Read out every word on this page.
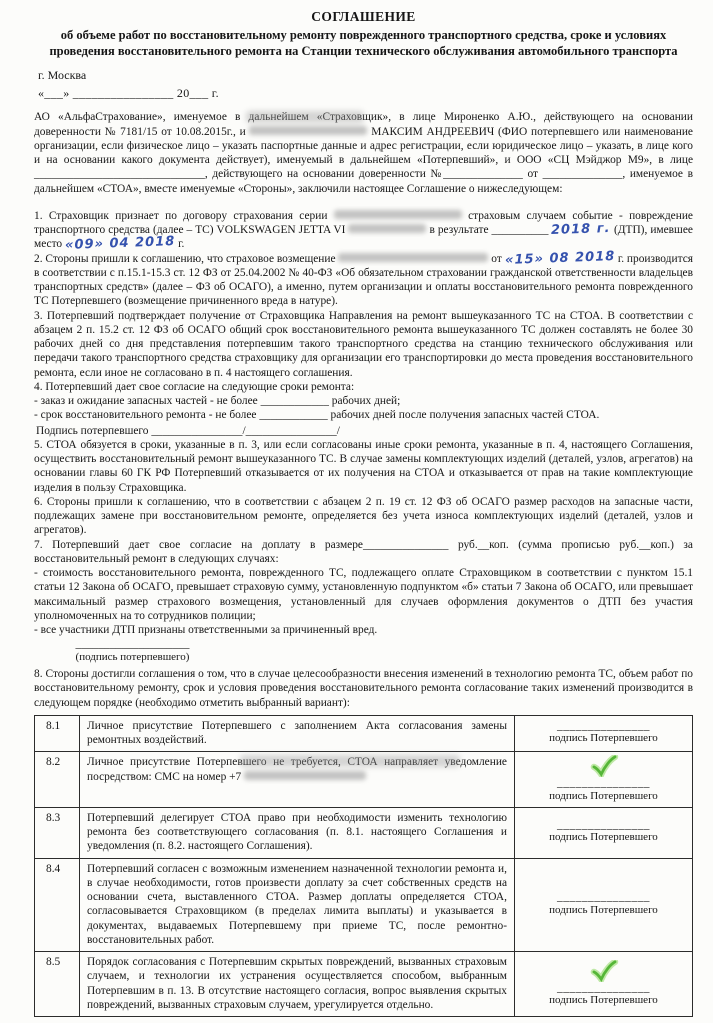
СОГЛАШЕНИЕ
об объеме работ по восстановительному ремонту поврежденного транспортного средства, сроке и условиях проведения восстановительного ремонта на Станции технического обслуживания автомобильного транспорта
г. Москва
«___» ________________ 20___ г.
АО «АльфаСтрахование», именуемое в дальнейшем «Страховщик», в лице Мироненко А.Ю., действующего на основании доверенности № 7181/15 от 10.08.2015г., и	МАКСИМ АНДРЕЕВИЧ (ФИО потерпевшего или наименование организации, если физическое лицо – указать паспортные данные и адрес регистрации, если юридическое лицо – указать, в лице кого и на основании какого документа действует), именуемый в дальнейшем «Потерпевший», и ООО «СЦ Мэйджор М9», в лице ______________________________, действующего на основании доверенности №______________ от ______________, именуемое в дальнейшем «СТОА», вместе именуемые «Стороны», заключили настоящее Соглашение о нижеследующем:
1. Страховщик признает по договору страхования серии	страховым случаем событие - повреждение транспортного средства (далее – ТС) VOLKSWAGEN JETTA VI	в результате __________ 2018 г. (ДТП), имевшее место «09» 04 2018 г.
2. Стороны пришли к соглашению, что страховое возмещение	от «15» 08 2018 г. производится в соответствии с п.15.1-15.3 ст. 12 ФЗ от 25.04.2002 № 40-ФЗ «Об обязательном страховании гражданской ответственности владельцев транспортных средств» (далее – ФЗ об ОСАГО), а именно, путем организации и оплаты восстановительного ремонта поврежденного ТС Потерпевшего (возмещение причиненного вреда в натуре).
3. Потерпевший подтверждает получение от Страховщика Направления на ремонт вышеуказанного ТС на СТОА. В соответствии с абзацем 2 п. 15.2 ст. 12 ФЗ об ОСАГО общий срок восстановительного ремонта вышеуказанного ТС должен составлять не более 30 рабочих дней со дня представления потерпевшим такого транспортного средства на станцию технического обслуживания или передачи такого транспортного средства страховщику для организации его транспортировки до места проведения восстановительного ремонта, если иное не согласовано в п. 4 настоящего соглашения.
4. Потерпевший дает свое согласие на следующие сроки ремонта:
- заказ и ожидание запасных частей - не более ____________ рабочих дней;
- срок восстановительного ремонта - не более ____________ рабочих дней после получения запасных частей СТОА.
Подпись потерпевшего ________________/________________/
5. СТОА обязуется в сроки, указанные в п. 3, или если согласованы иные сроки ремонта, указанные в п. 4, настоящего Соглашения, осуществить восстановительный ремонт вышеуказанного ТС. В случае замены комплектующих изделий (деталей, узлов, агрегатов) на основании главы 60 ГК РФ Потерпевший отказывается от их получения на СТОА и отказывается от прав на такие комплектующие изделия в пользу Страховщика.
6. Стороны пришли к соглашению, что в соответствии с абзацем 2 п. 19 ст. 12 ФЗ об ОСАГО размер расходов на запасные части, подлежащих замене при восстановительном ремонте, определяется без учета износа комплектующих изделий (деталей, узлов и агрегатов).
7. Потерпевший дает свое согласие на доплату в размере_______________ руб.__коп. (сумма прописью руб.__коп.) за восстановительный ремонт в следующих случаях:
- стоимость восстановительного ремонта, поврежденного ТС, подлежащего оплате Страховщиком в соответствии с пунктом 15.1 статьи 12 Закона об ОСАГО, превышает страховую сумму, установленную подпунктом «б» статьи 7 Закона об ОСАГО, или превышает максимальный размер страхового возмещения, установленный для случаев оформления документов о ДТП без участия уполномоченных на то сотрудников полиции;
- все участники ДТП признаны ответственными за причиненный вред.
____________________
(подпись потерпевшего)
8. Стороны достигли соглашения о том, что в случае целесообразности внесения изменений в технологию ремонта ТС, объем работ по восстановительному ремонту, срок и условия проведения восстановительного ремонта согласование таких изменений производится в следующем порядке (необходимо отметить выбранный вариант):
8.1	Личное присутствие Потерпевшего с заполнением Акта согласования замены ремонтных воздействий.	_______________
подпись Потерпевшего

8.2	Личное присутствие Потерпевшего не требуется, СТОА направляет уведомление посредством: СМС на номер +7	_______________
подпись Потерпевшего

8.3	Потерпевший делегирует СТОА право при необходимости изменить технологию ремонта без соответствующего согласования (п. 8.1. настоящего Соглашения и уведомления (п. 8.2. настоящего Соглашения).	_______________
подпись Потерпевшего

8.4	Потерпевший согласен с возможным изменением назначенной технологии ремонта и, в случае необходимости, готов произвести доплату за счет собственных средств на основании счета, выставленного СТОА. Размер доплаты определяется СТОА, согласовывается Страховщиком (в пределах лимита выплаты) и указывается в документах, выдаваемых Потерпевшему при приеме ТС, после ремонтно-восстановительных работ.	_______________
подпись Потерпевшего

8.5	Порядок согласования с Потерпевшим скрытых повреждений, вызванных страховым случаем, и технологии их устранения осуществляется способом, выбранным Потерпевшим в п. 13. В отсутствие настоящего согласия, вопрос выявления скрытых повреждений, вызванных страховым случаем, урегулируется отдельно.	_______________
подпись Потерпевшего
